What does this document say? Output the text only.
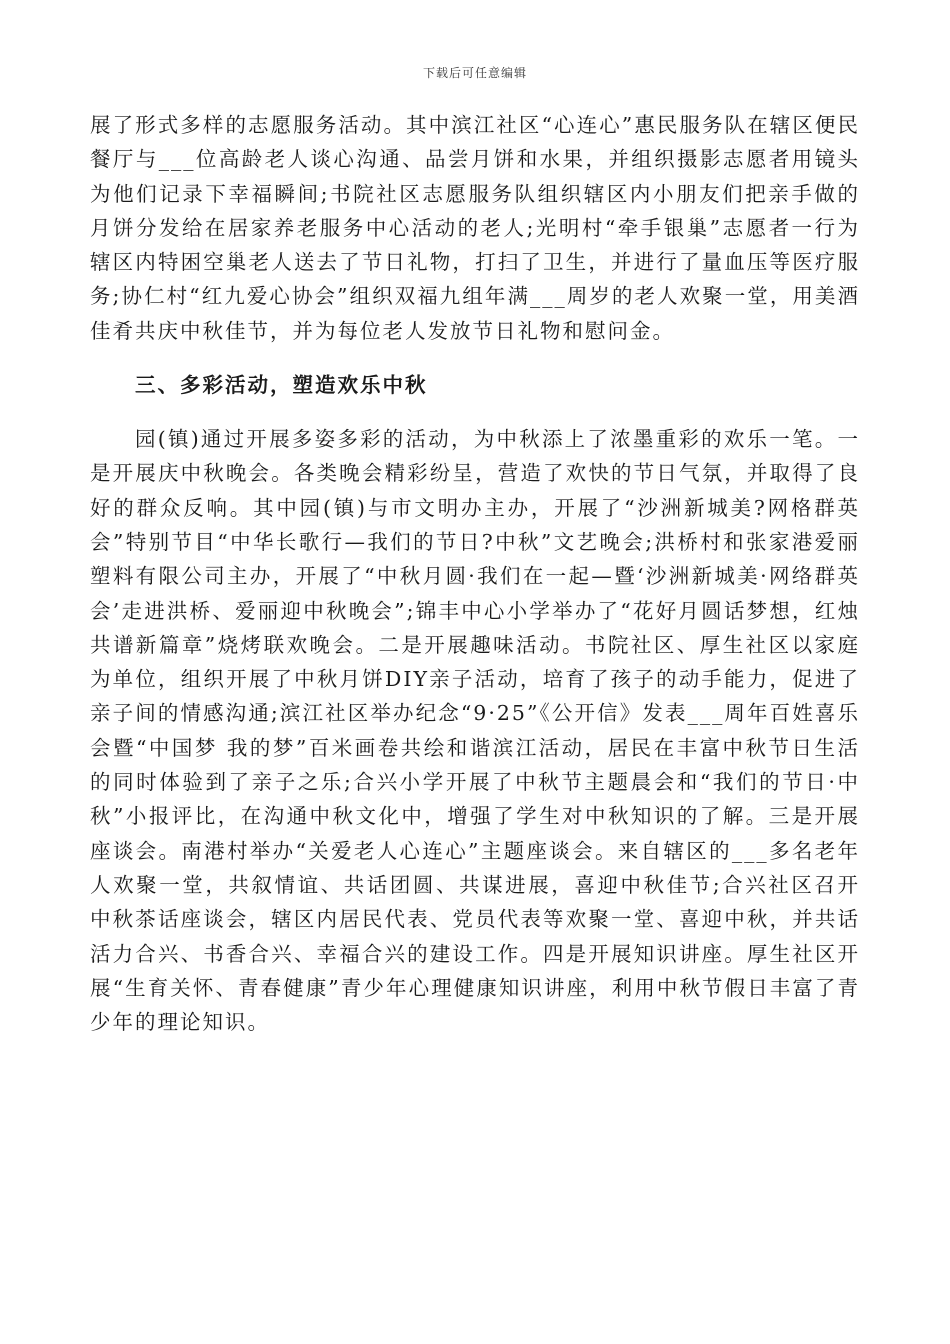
下载后可任意编辑

展了形式多样的志愿服务活动。其中滨江社区“心连心”惠民服务队在辖区便民餐厅与___位高龄老人谈心沟通、品尝月饼和水果，并组织摄影志愿者用镜头为他们记录下幸福瞬间;书院社区志愿服务队组织辖区内小朋友们把亲手做的月饼分发给在居家养老服务中心活动的老人;光明村“牵手银巢”志愿者一行为辖区内特困空巢老人送去了节日礼物，打扫了卫生，并进行了量血压等医疗服务;协仁村“红九爱心协会”组织双福九组年满___周岁的老人欢聚一堂，用美酒佳肴共庆中秋佳节，并为每位老人发放节日礼物和慰问金。

三、多彩活动，塑造欢乐中秋

园(镇)通过开展多姿多彩的活动，为中秋添上了浓墨重彩的欢乐一笔。一是开展庆中秋晚会。各类晚会精彩纷呈，营造了欢快的节日气氛，并取得了良好的群众反响。其中园(镇)与市文明办主办，开展了“沙洲新城美?网格群英会”特别节目“中华长歌行—我们的节日?中秋”文艺晚会;洪桥村和张家港爱丽塑料有限公司主办，开展了“中秋月圆·我们在一起—暨‘沙洲新城美·网络群英会’走进洪桥、爱丽迎中秋晚会”;锦丰中心小学举办了“花好月圆话梦想，红烛共谱新篇章”烧烤联欢晚会。二是开展趣味活动。书院社区、厚生社区以家庭为单位，组织开展了中秋月饼DIY亲子活动，培育了孩子的动手能力，促进了亲子间的情感沟通;滨江社区举办纪念“9·25”《公开信》发表___周年百姓喜乐会暨“中国梦 我的梦”百米画卷共绘和谐滨江活动，居民在丰富中秋节日生活的同时体验到了亲子之乐;合兴小学开展了中秋节主题晨会和“我们的节日·中秋”小报评比，在沟通中秋文化中，增强了学生对中秋知识的了解。三是开展座谈会。南港村举办“关爱老人心连心”主题座谈会。来自辖区的___多名老年人欢聚一堂，共叙情谊、共话团圆、共谋进展，喜迎中秋佳节;合兴社区召开中秋茶话座谈会，辖区内居民代表、党员代表等欢聚一堂、喜迎中秋，并共话活力合兴、书香合兴、幸福合兴的建设工作。四是开展知识讲座。厚生社区开展“生育关怀、青春健康”青少年心理健康知识讲座，利用中秋节假日丰富了青少年的理论知识。
